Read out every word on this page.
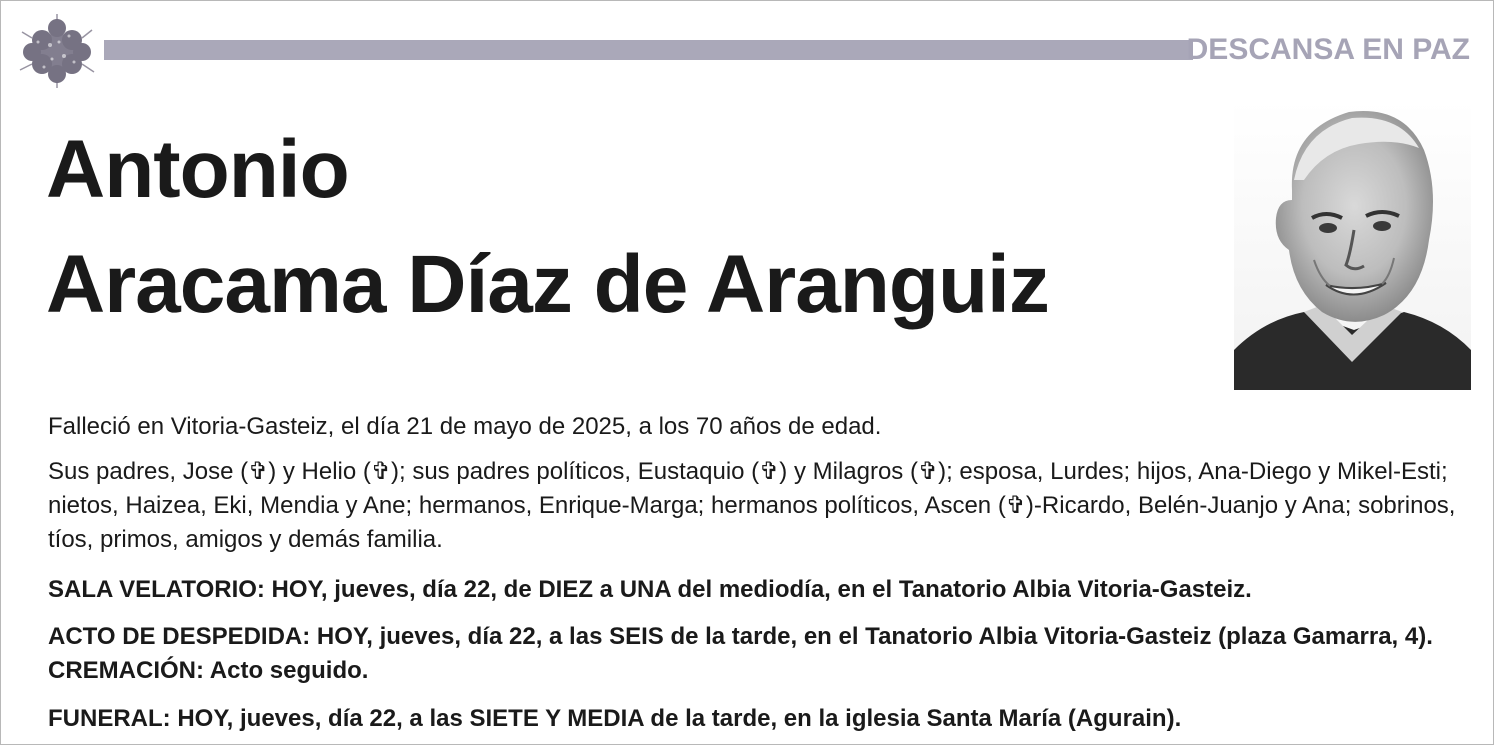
DESCANSA EN PAZ
Antonio
Aracama Díaz de Aranguiz
Falleció en Vitoria-Gasteiz, el día 21 de mayo de 2025, a los 70 años de edad.
Sus padres, Jose (✞) y Helio (✞); sus padres políticos, Eustaquio (✞) y Milagros (✞); esposa, Lurdes; hijos, Ana-Diego y Mikel-Esti; nietos, Haizea, Eki, Mendia y Ane; hermanos, Enrique-Marga; hermanos políticos, Ascen (✞)-Ricardo, Belén-Juanjo y Ana; sobrinos, tíos, primos, amigos y demás familia.
SALA VELATORIO: HOY, jueves, día 22, de DIEZ a UNA del mediodía, en el Tanatorio Albia Vitoria-Gasteiz.
ACTO DE DESPEDIDA: HOY, jueves, día 22, a las SEIS de la tarde, en el Tanatorio Albia Vitoria-Gasteiz (plaza Gamarra, 4). CREMACIÓN: Acto seguido.
FUNERAL: HOY, jueves, día 22, a las SIETE Y MEDIA de la tarde, en la iglesia Santa María (Agurain).
